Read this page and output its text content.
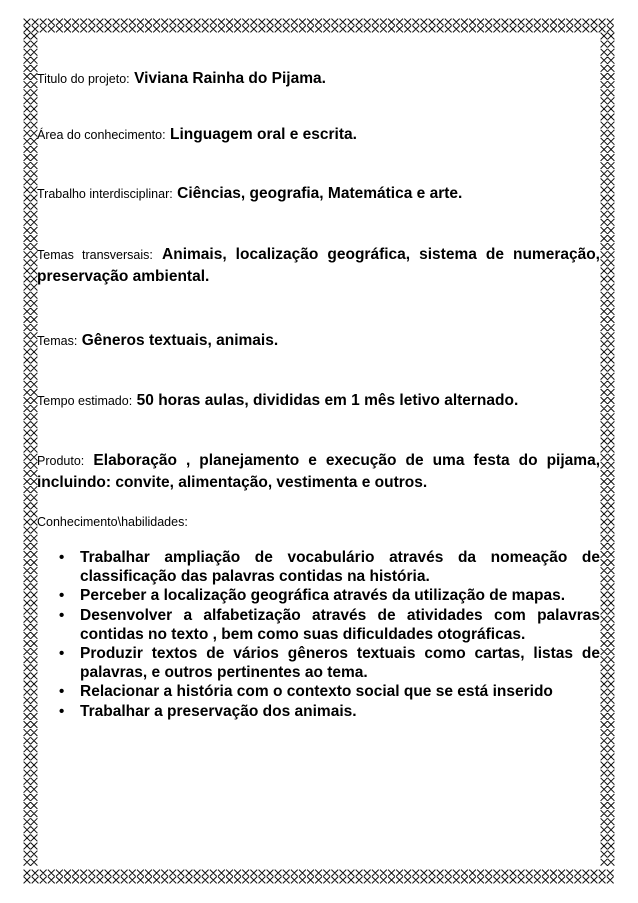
Titulo do projeto: Viviana Rainha do Pijama.

Área do conhecimento: Linguagem oral e escrita.

Trabalho interdisciplinar: Ciências, geografia, Matemática e arte.

Temas transversais: Animais, localização geográfica, sistema de numeração, preservação ambiental.

Temas: Gêneros textuais, animais.

Tempo estimado: 50 horas aulas, divididas em 1 mês letivo alternado.

Produto: Elaboração , planejamento e execução de uma festa do pijama, incluindo: convite, alimentação, vestimenta e outros.

Conhecimento\habilidades:

• Trabalhar ampliação de vocabulário através da nomeação de classificação das palavras contidas na história.
• Perceber a localização geográfica através da utilização de mapas.
• Desenvolver a alfabetização através de atividades com palavras contidas no texto , bem como suas dificuldades otográficas.
• Produzir textos de vários gêneros textuais como cartas, listas de palavras, e outros pertinentes ao tema.
• Relacionar a história com o contexto social que se está inserido
• Trabalhar a preservação dos animais.
